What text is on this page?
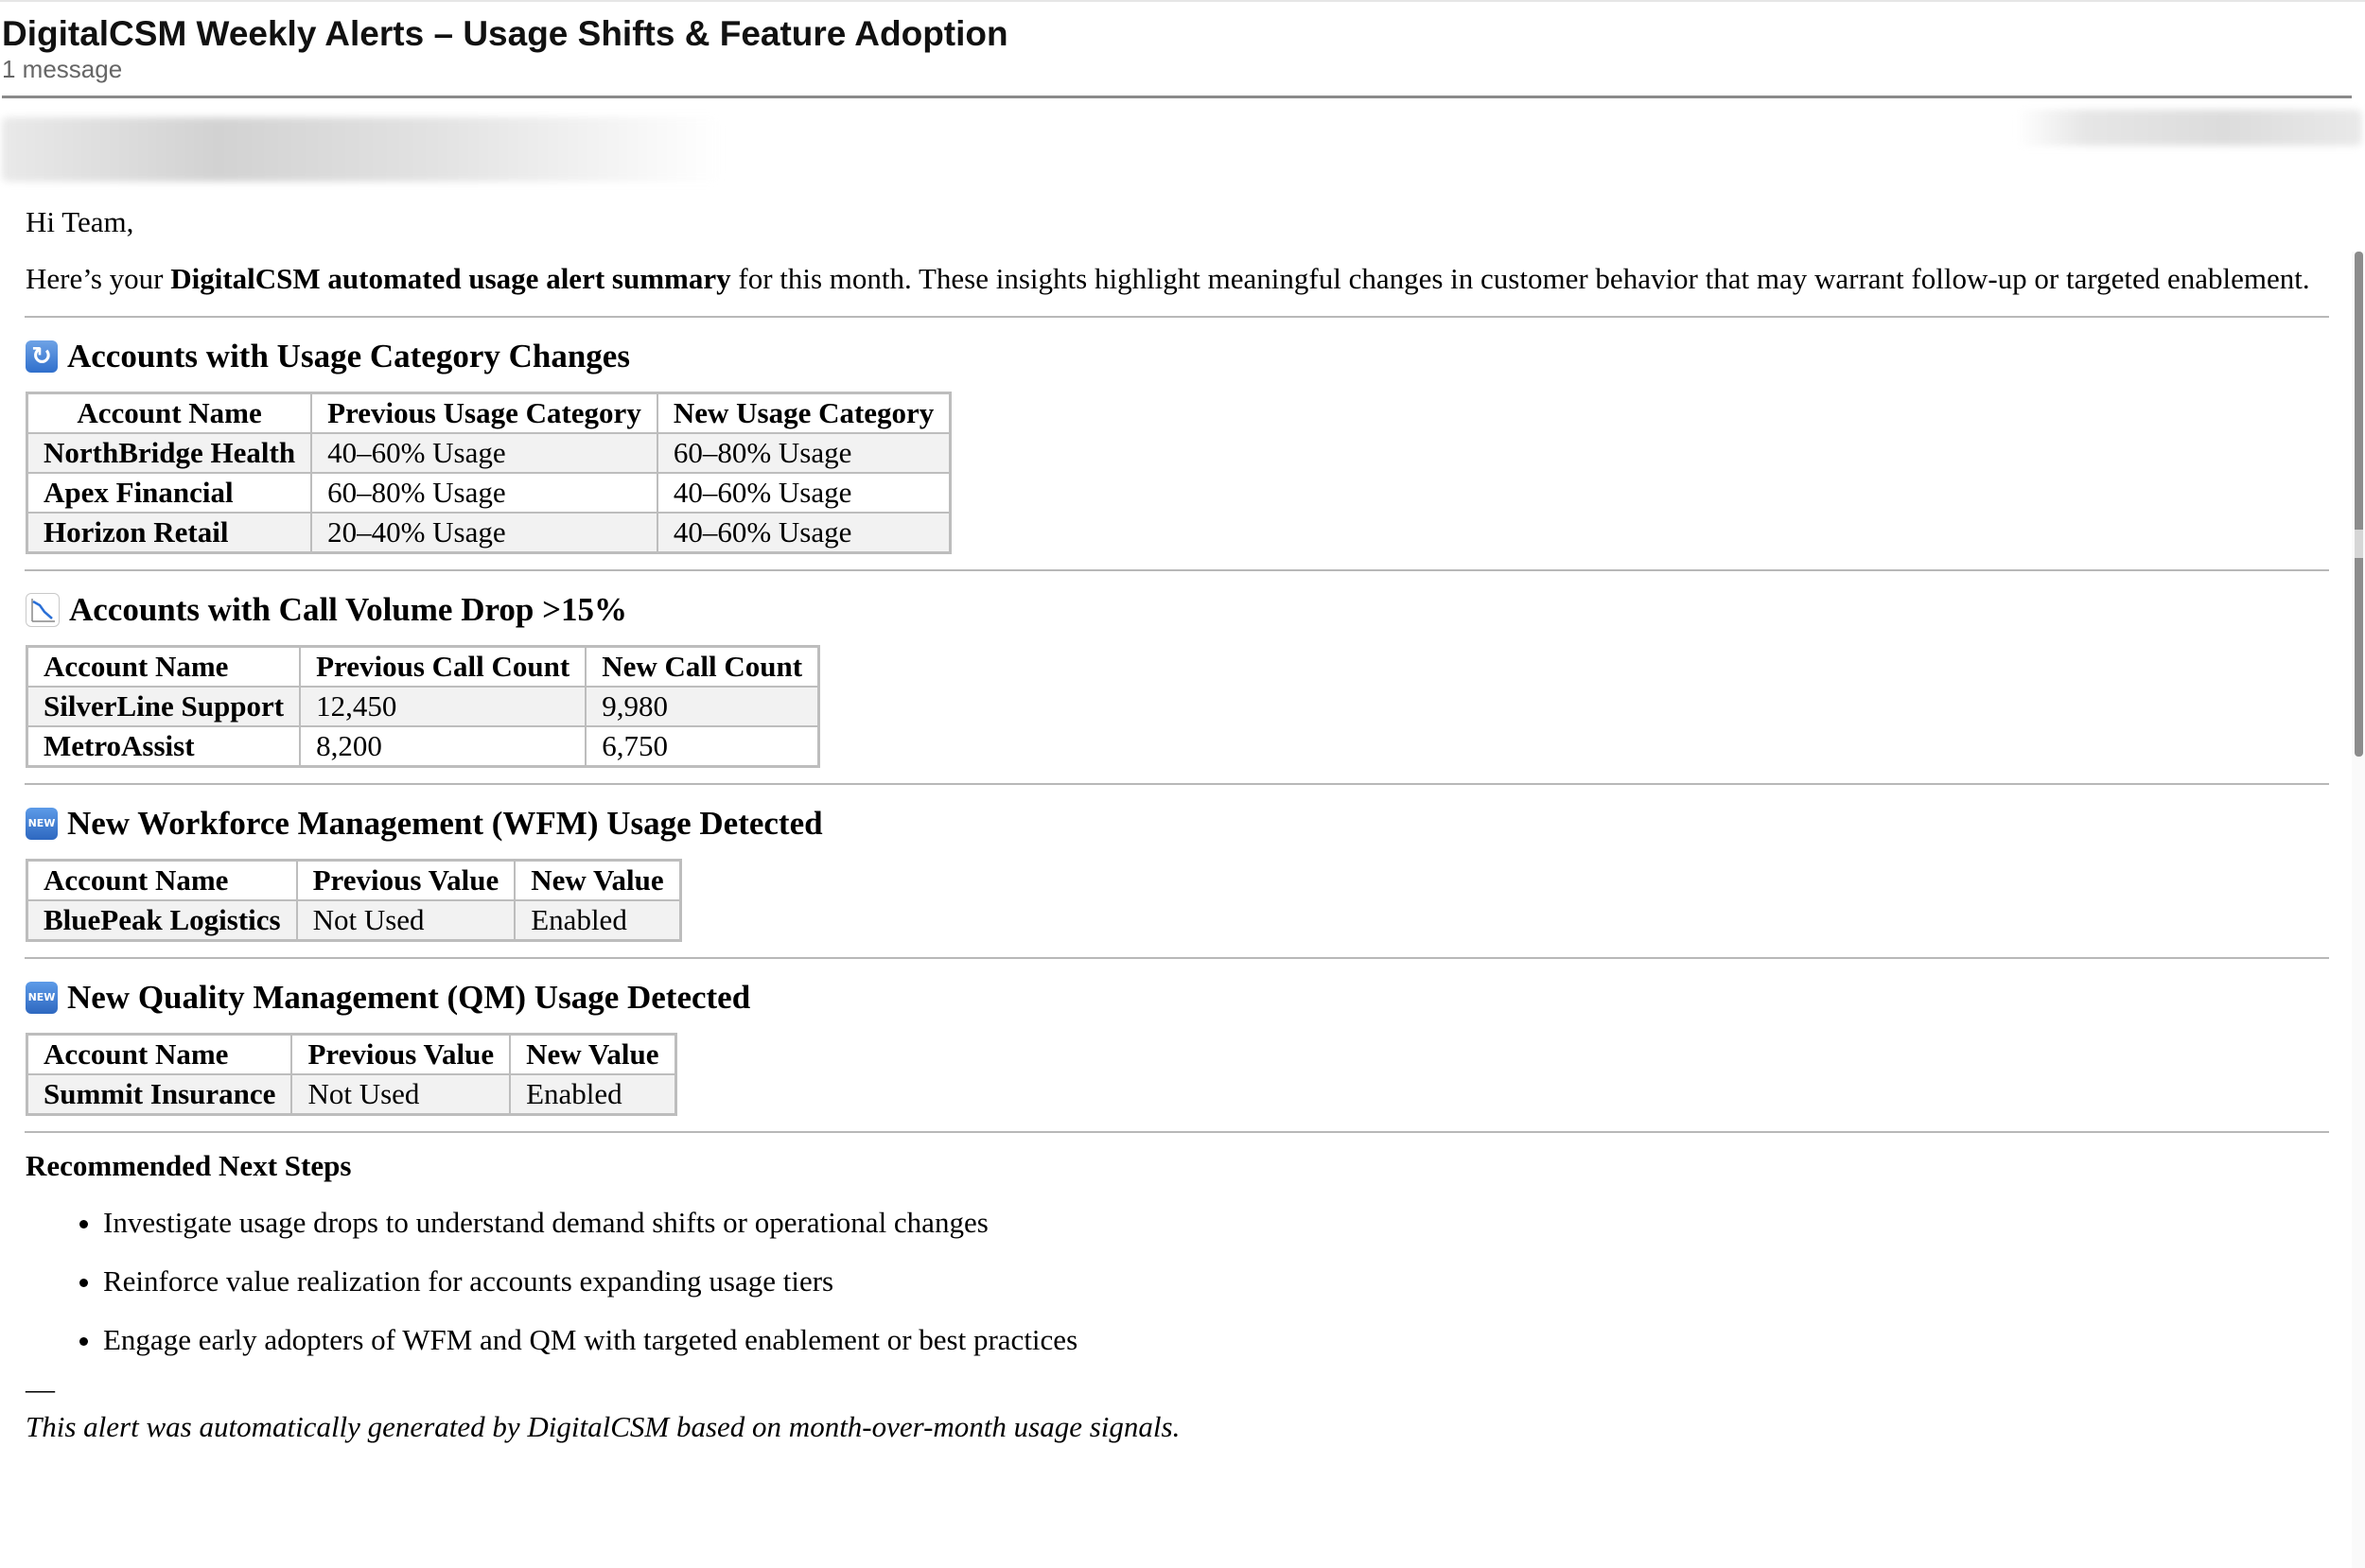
DigitalCSM Weekly Alerts – Usage Shifts & Feature Adoption
1 message
Hi Team,
Here’s your DigitalCSM automated usage alert summary for this month. These insights highlight meaningful changes in customer behavior that may warrant follow-up or targeted enablement.
↻ Accounts with Usage Category Changes
Account Name	Previous Usage Category	New Usage Category
NorthBridge Health	40–60% Usage	60–80% Usage
Apex Financial	60–80% Usage	40–60% Usage
Horizon Retail	20–40% Usage	40–60% Usage
Accounts with Call Volume Drop >15%
Account Name	Previous Call Count	New Call Count
SilverLine Support	12,450	9,980
MetroAssist	8,200	6,750
NEW New Workforce Management (WFM) Usage Detected
Account Name	Previous Value	New Value
BluePeak Logistics	Not Used	Enabled
NEW New Quality Management (QM) Usage Detected
Account Name	Previous Value	New Value
Summit Insurance	Not Used	Enabled
Recommended Next Steps
• Investigate usage drops to understand demand shifts or operational changes
• Reinforce value realization for accounts expanding usage tiers
• Engage early adopters of WFM and QM with targeted enablement or best practices
—
This alert was automatically generated by DigitalCSM based on month-over-month usage signals.
